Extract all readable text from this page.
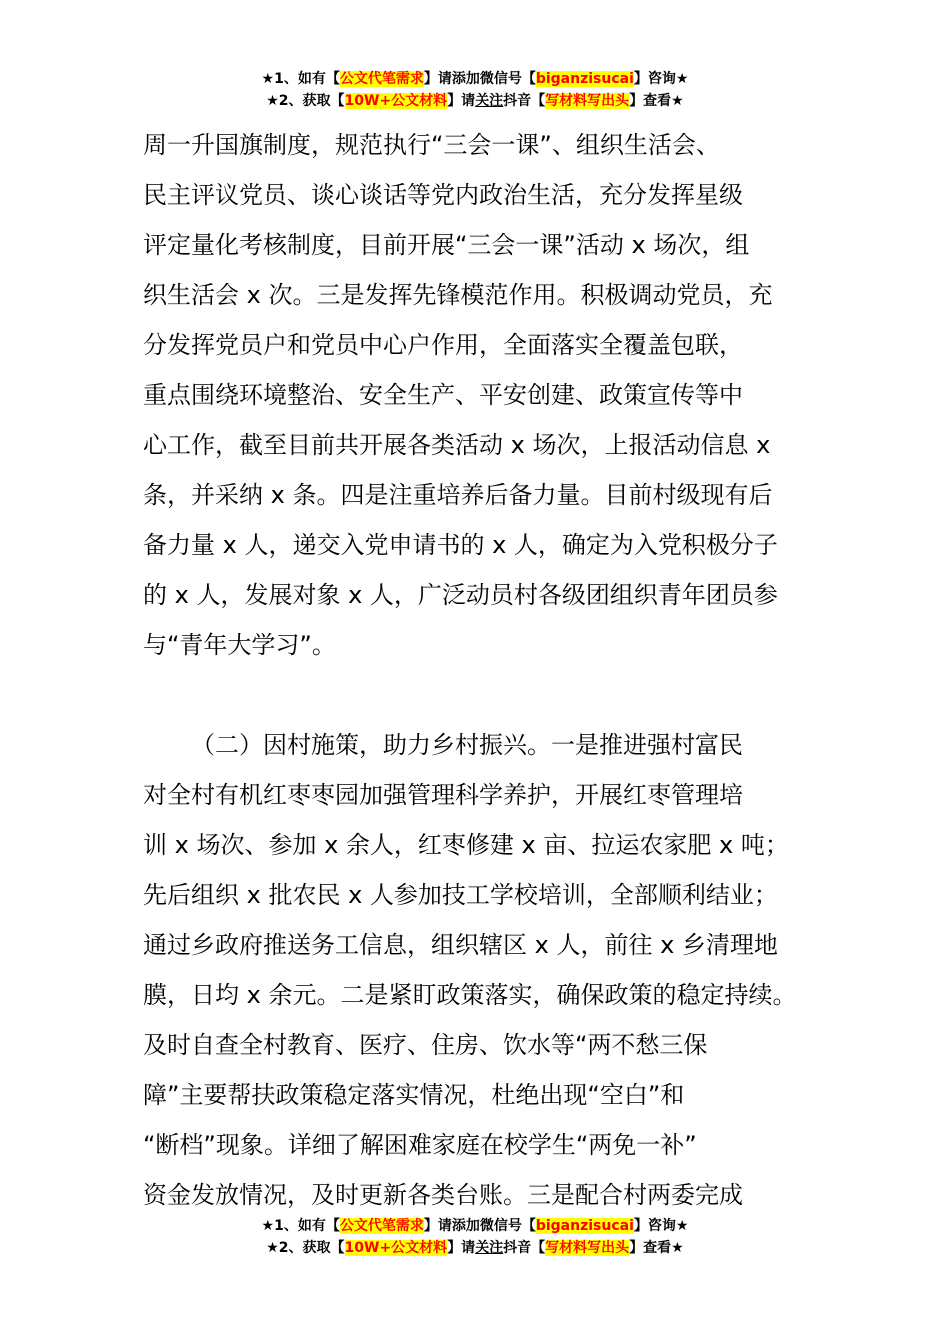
★1、如有【公文代笔需求】请添加微信号【biganzisucai】咨询★
★2、获取【10W+公文材料】请关注抖音【写材料写出头】查看★
周一升国旗制度，规范执行“三会一课”、组织生活会、
民主评议党员、谈心谈话等党内政治生活，充分发挥星级
评定量化考核制度，目前开展“三会一课”活动 x 场次，组
织生活会 x 次。三是发挥先锋模范作用。积极调动党员，充
分发挥党员户和党员中心户作用，全面落实全覆盖包联，
重点围绕环境整治、安全生产、平安创建、政策宣传等中
心工作，截至目前共开展各类活动 x 场次，上报活动信息 x
条，并采纳 x 条。四是注重培养后备力量。目前村级现有后
备力量 x 人，递交入党申请书的 x 人，确定为入党积极分子
的 x 人，发展对象 x 人，广泛动员村各级团组织青年团员参
与“青年大学习”。
（二）因村施策，助力乡村振兴。一是推进强村富民
对全村有机红枣枣园加强管理科学养护，开展红枣管理培
训 x 场次、参加 x 余人，红枣修建 x 亩、拉运农家肥 x 吨；
先后组织 x 批农民 x 人参加技工学校培训，全部顺利结业；
通过乡政府推送务工信息，组织辖区 x 人，前往 x 乡清理地
膜，日均 x 余元。二是紧盯政策落实，确保政策的稳定持续。
及时自查全村教育、医疗、住房、饮水等“两不愁三保
障”主要帮扶政策稳定落实情况，杜绝出现“空白”和
“断档”现象。详细了解困难家庭在校学生“两免一补”
资金发放情况，及时更新各类台账。三是配合村两委完成
★1、如有【公文代笔需求】请添加微信号【biganzisucai】咨询★
★2、获取【10W+公文材料】请关注抖音【写材料写出头】查看★
